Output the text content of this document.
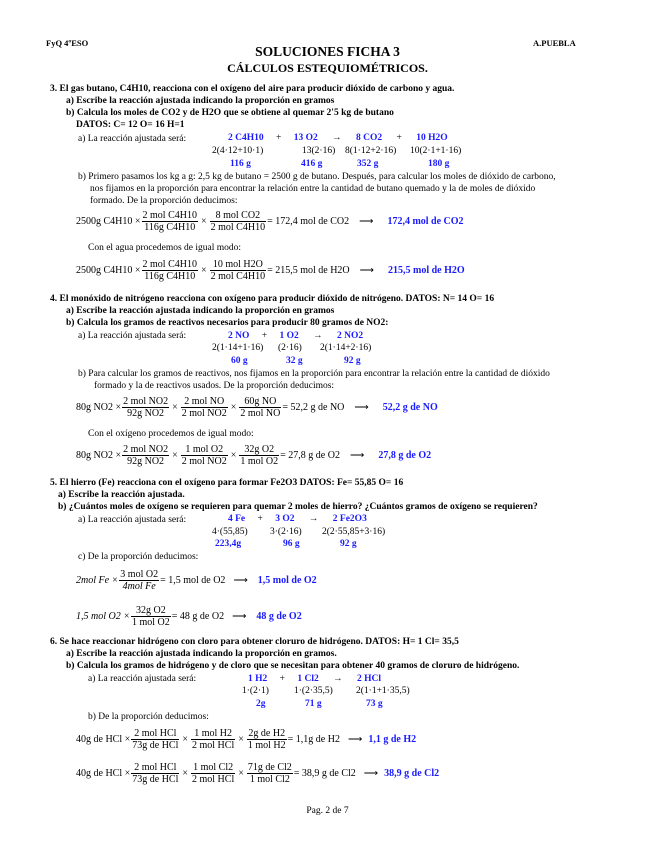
FyQ 4ºESO	A.PUEBLA
SOLUCIONES FICHA 3
CÁLCULOS ESTEQUIOMÉTRICOS.
3. El gas butano, C4H10, reacciona con el oxígeno del aire para producir dióxido de carbono y agua.
a) Escribe la reacción ajustada indicando la proporción en gramos
b) Calcula los moles de CO2 y de H2O que se obtiene al quemar 2'5 kg de butano
DATOS: C= 12 O= 16 H=1
a) La reacción ajustada será:	2 C4H10 + 13 O2 → 8 CO2 + 10 H2O
2(4·12+10·1)	13(2·16) 8(1·12+2·16) 10(2·1+1·16)
116 g	416 g	352 g	180 g
b) Primero pasamos los kg a g: 2,5 kg de butano = 2500 g de butano. Después, para calcular los moles de dióxido de carbono,
nos fijamos en la proporción para encontrar la relación entre la cantidad de butano quemado y la de moles de dióxido
formado. De la proporción deducimos:
2500g $C4H10 \times \frac{\text{2 mol C4H10}}{\text{116g C4H10}} \times \frac{\text{8 mol CO2}}{\text{2 mol C4H10}} = 172,4$ mol de CO2 ⟶ 172,4 mol de CO2
Con el agua procedemos de igual modo:
2500g $C4H10 \times \frac{\text{2 mol C4H10}}{\text{116g C4H10}} \times \frac{\text{10 mol H2O}}{\text{2 mol C4H10}} = 215,5$ mol de H2O ⟶ 215,5 mol de H2O
4. El monóxido de nitrógeno reacciona con oxígeno para producir dióxido de nitrógeno. DATOS: N= 14 O= 16
a) Escribe la reacción ajustada indicando la proporción en gramos
b) Calcula los gramos de reactivos necesarios para producir 80 gramos de NO2:
a) La reacción ajustada será:	2 NO + 1 O2 → 2 NO2
2(1·14+1·16) (2·16) 2(1·14+2·16)
60 g	32 g	92 g
b) Para calcular los gramos de reactivos, nos fijamos en la proporción para encontrar la relación entre la cantidad de dióxido
formado y la de reactivos usados. De la proporción deducimos:
80g $NO2 \times \frac{\text{2 mol NO2}}{\text{92g NO2}} \times \frac{\text{2 mol NO}}{\text{2 mol NO2}} \times \frac{\text{60g NO}}{\text{2 mol NO}} = 52,2$ g de NO ⟶ 52,2 g de NO
Con el oxígeno procedemos de igual modo:
80g $NO2 \times \frac{\text{2 mol NO2}}{\text{92g NO2}} \times \frac{\text{1 mol O2}}{\text{2 mol NO2}} \times \frac{\text{32g O2}}{\text{1 mol O2}} = 27,8$ g de O2 ⟶ 27,8 g de O2
5. El hierro (Fe) reacciona con el oxígeno para formar Fe2O3 DATOS: Fe= 55,85 O= 16
a) Escribe la reacción ajustada.
b) ¿Cuántos moles de oxígeno se requieren para quemar 2 moles de hierro? ¿Cuántos gramos de oxígeno se requieren?
a) La reacción ajustada será:	4 Fe + 3 O2 → 2 Fe2O3
4·(55,85) 3·(2·16) 2(2·55,85+3·16)
223,4g	96 g	92 g
c) De la proporción deducimos:
2mol $Fe \times \frac{\text{3 mol O2}}{\text{4mol Fe}} = 1,5$ mol de O2 ⟶ 1,5 mol de O2
1,5 mol $O2 \times \frac{\text{32g O2}}{\text{1 mol O2}} = 48$ g de O2 ⟶ 48 g de O2
6. Se hace reaccionar hidrógeno con cloro para obtener cloruro de hidrógeno. DATOS: H= 1 Cl= 35,5
a) Escribe la reacción ajustada indicando la proporción en gramos.
b) Calcula los gramos de hidrógeno y de cloro que se necesitan para obtener 40 gramos de cloruro de hidrógeno.
a) La reacción ajustada será:	1 H2 + 1 Cl2 → 2 HCl
1·(2·1)	1·(2·35,5) 2(1·1+1·35,5)
2g	71 g	73 g
b) De la proporción deducimos:
40g de HCl × $\frac{\text{2 mol HCl}}{\text{73g de HCl}} \times \frac{\text{1 mol H2}}{\text{2 mol HCl}} \times \frac{\text{2g de H2}}{\text{1 mol H2}} = 1,1g$ de H2 ⟶ 1,1 g de H2
40g de HCl × $\frac{\text{2 mol HCl}}{\text{73g de HCl}} \times \frac{\text{1 mol Cl2}}{\text{2 mol HCl}} \times \frac{\text{71g de Cl2}}{\text{1 mol Cl2}} = 38,9$ g de Cl2 ⟶ 38,9 g de Cl2
Pag. 2 de 7
